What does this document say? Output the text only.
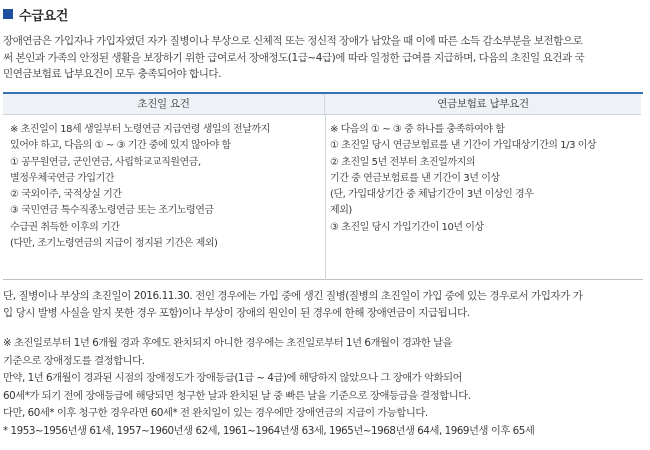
수급요건
장애연금은 가입자나 가입자였던 자가 질병이나 부상으로 신체적 또는 정신적 장애가 남았을 때 이에 따른 소득 감소부분을 보전함으로
써 본인과 가족의 안정된 생활을 보장하기 위한 급여로서 장애정도(1급~4급)에 따라 일정한 급여를 지급하며, 다음의 초진일 요건과 국
민연금보험료 납부요건이 모두 충족되어야 합니다.
초진일 요건	연금보험료 납부요건
※ 초진일이 18세 생일부터 노령연금 지급연령 생일의 전날까지
있어야 하고, 다음의 ① ~ ③ 기간 중에 있지 않아야 함
① 공무원연금, 군인연금, 사립학교교직원연금,
별정우체국연금 가입기간
② 국외이주, 국적상실 기간
③ 국민연금 특수직종노령연금 또는 조기노령연금
수급권 취득한 이후의 기간
(다만, 조기노령연금의 지급이 정지된 기간은 제외)
※ 다음의 ① ~ ③ 중 하나를 충족하여야 함
① 초진일 당시 연금보험료를 낸 기간이 가입대상기간의 1/3 이상
② 초진일 5년 전부터 초진일까지의
기간 중 연금보험료를 낸 기간이 3년 이상
(단, 가입대상기간 중 체납기간이 3년 이상인 경우
제외)
③ 초진일 당시 가입기간이 10년 이상
단, 질병이나 부상의 초진일이 2016.11.30. 전인 경우에는 가입 중에 생긴 질병(질병의 초진일이 가입 중에 있는 경우로서 가입자가 가
입 당시 발병 사실을 알지 못한 경우 포함)이나 부상이 장애의 원인이 된 경우에 한해 장애연금이 지급됩니다.
※ 초진일로부터 1년 6개월 경과 후에도 완치되지 아니한 경우에는 초진일로부터 1년 6개월이 경과한 날을
기준으로 장애정도를 결정합니다.
만약, 1년 6개월이 경과된 시점의 장애정도가 장애등급(1급 ~ 4급)에 해당하지 않았으나 그 장애가 악화되어
60세*가 되기 전에 장애등급에 해당되면 청구한 날과 완치된 날 중 빠른 날을 기준으로 장애등급을 결정합니다.
다만, 60세* 이후 청구한 경우라면 60세* 전 완치일이 있는 경우에만 장애연금의 지급이 가능합니다.
* 1953~1956년생 61세, 1957~1960년생 62세, 1961~1964년생 63세, 1965년~1968년생 64세, 1969년생 이후 65세
